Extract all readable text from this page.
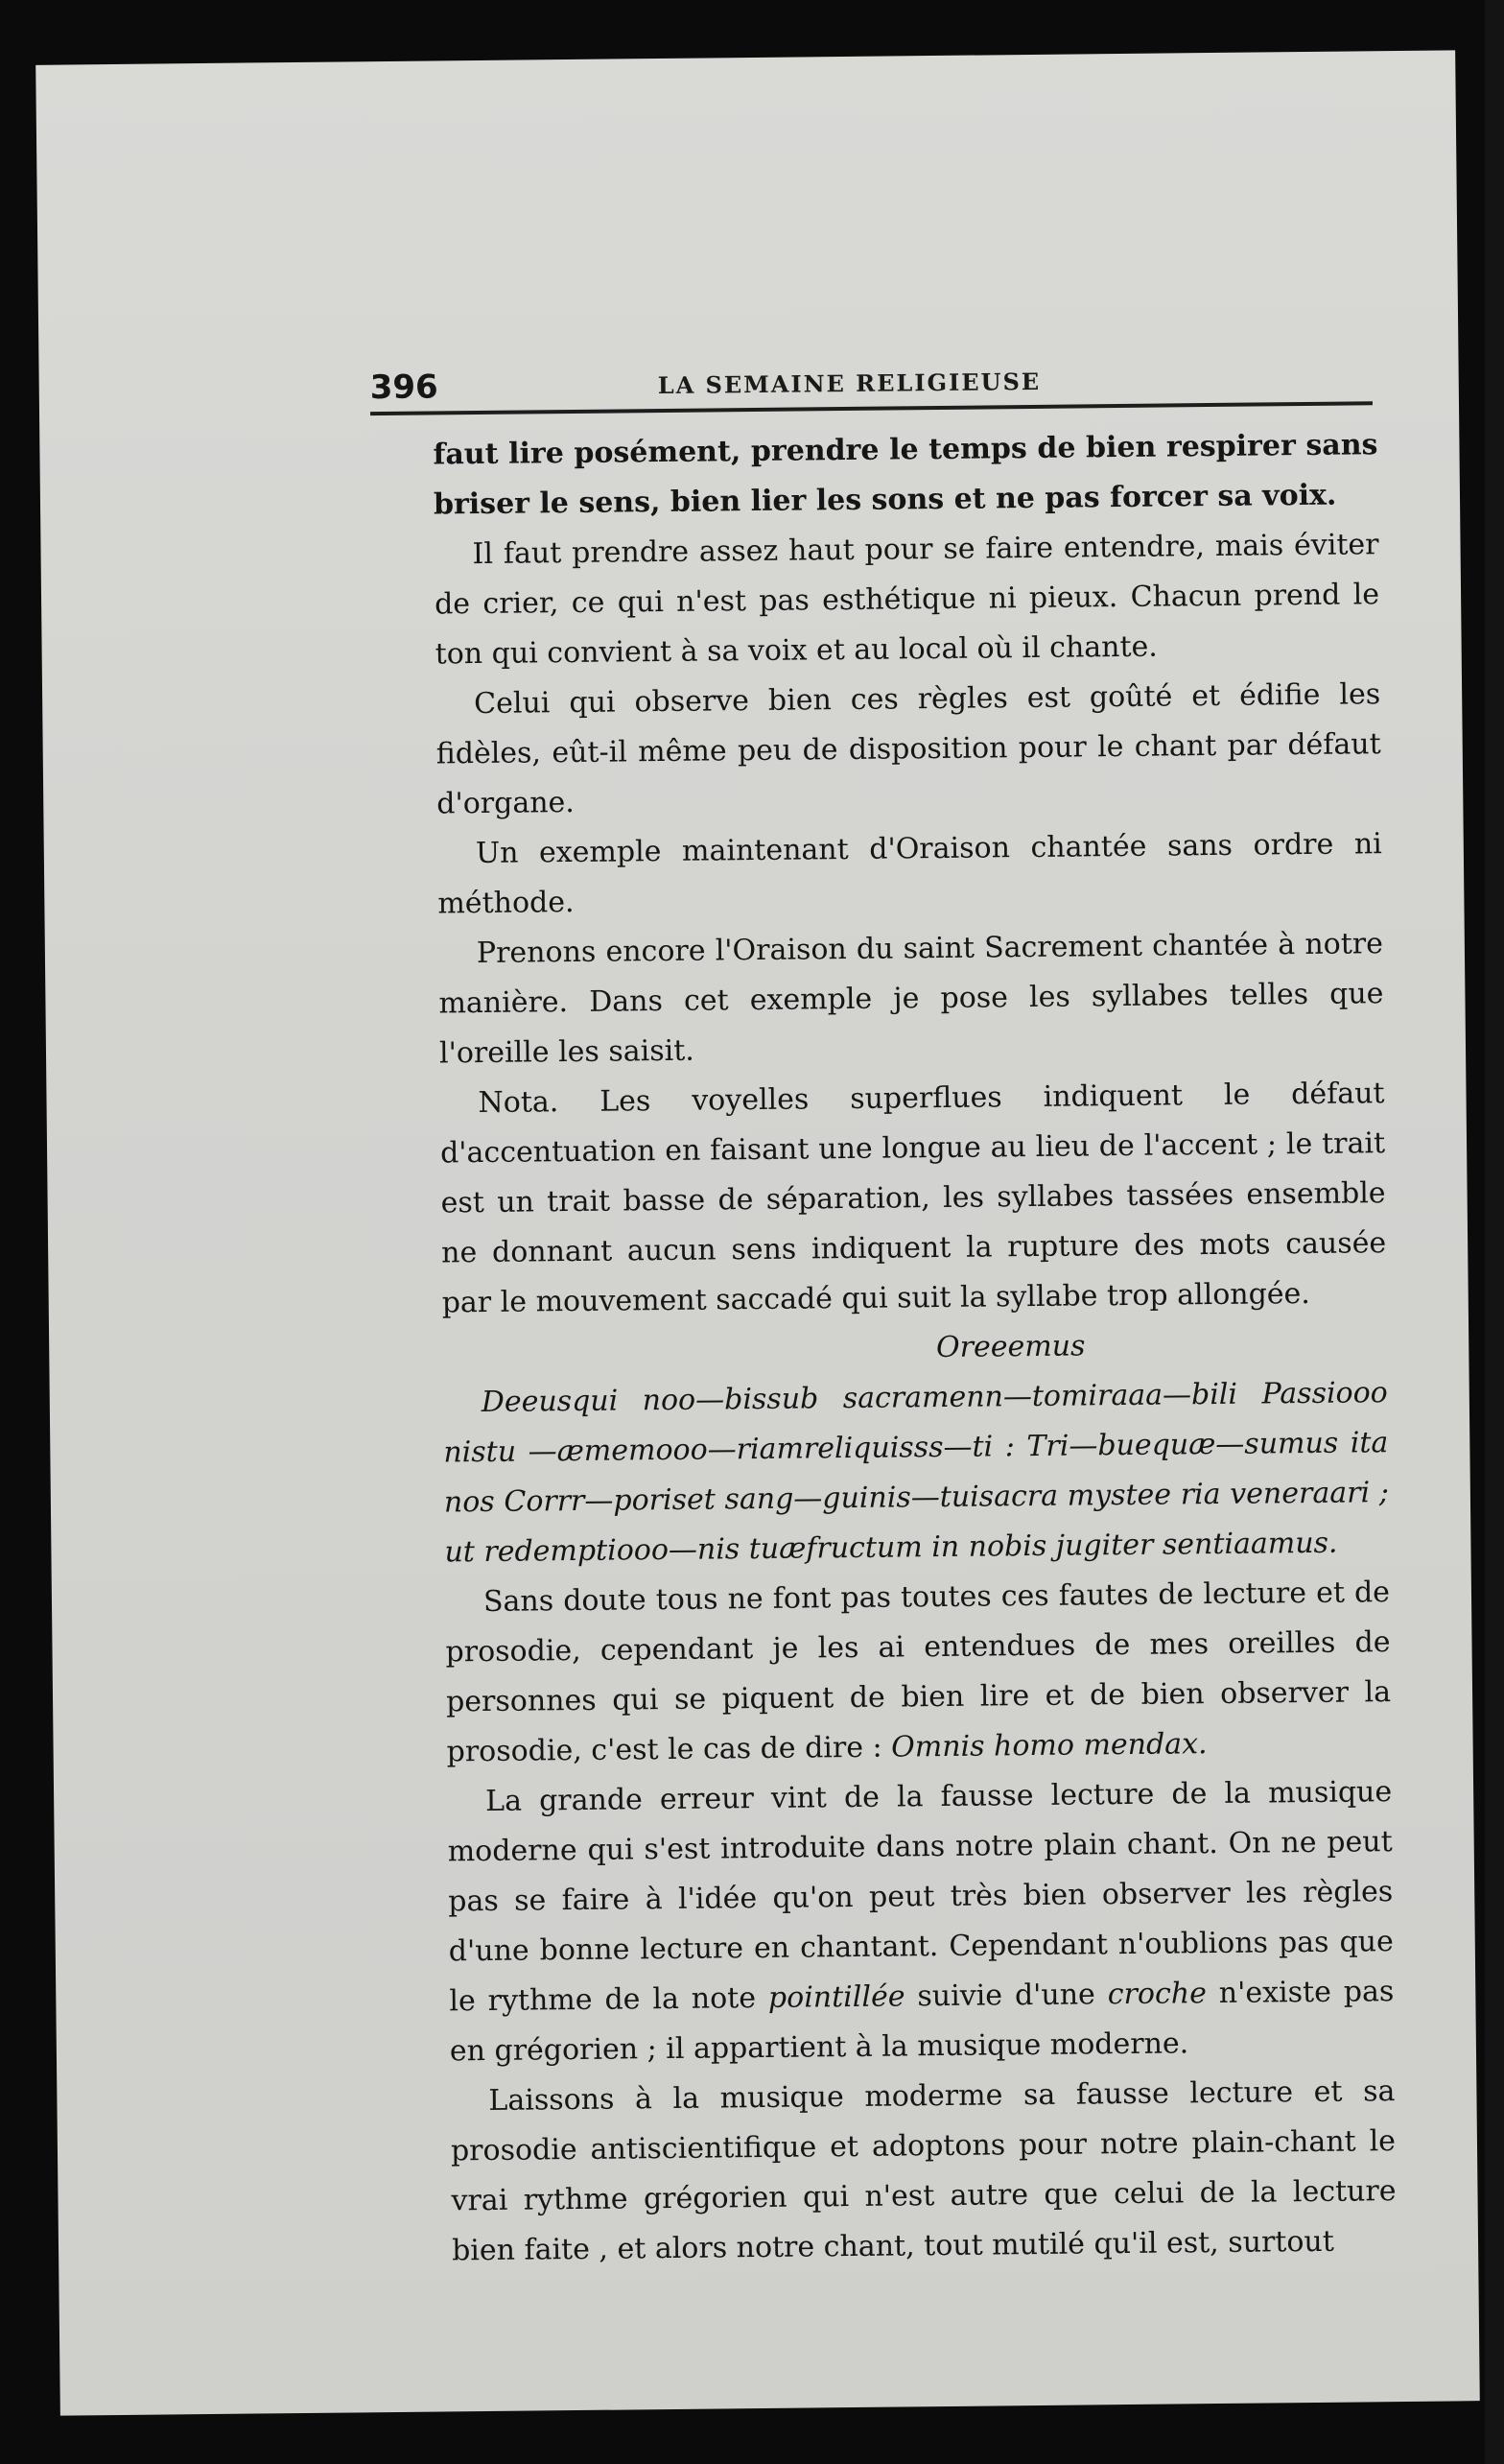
396	LA SEMAINE RELIGIEUSE

faut lire posément, prendre le temps de bien respirer sans briser le sens, bien lier les sons et ne pas forcer sa voix.

Il faut prendre assez haut pour se faire entendre, mais éviter de crier, ce qui n'est pas esthétique ni pieux. Chacun prend le ton qui convient à sa voix et au local où il chante.

Celui qui observe bien ces règles est goûté et édifie les fidèles, eût-il même peu de disposition pour le chant par défaut d'organe.

Un exemple maintenant d'Oraison chantée sans ordre ni méthode.

Prenons encore l'Oraison du saint Sacrement chantée à notre manière. Dans cet exemple je pose les syllabes telles que l'oreille les saisit.

Nota. Les voyelles superflues indiquent le défaut d'accentuation en faisant une longue au lieu de l'accent ; le trait est un trait basse de séparation, les syllabes tassées ensemble ne donnant aucun sens indiquent la rupture des mots causée par le mouvement saccadé qui suit la syllabe trop allongée.

Oreeemus

Deeusqui noo—bissub sacramenn—tomiraaa—bili Passiooo nistu —æmemooo—riamreliquisss—ti : Tri—buequæ—sumus ita nos Corrr—poriset sang—guinis—tuisacra mystee ria veneraari ; ut redemptiooo—nis tuæfructum in nobis jugiter sentiaamus.

Sans doute tous ne font pas toutes ces fautes de lecture et de prosodie, cependant je les ai entendues de mes oreilles de personnes qui se piquent de bien lire et de bien observer la prosodie, c'est le cas de dire : Omnis homo mendax.

La grande erreur vint de la fausse lecture de la musique moderne qui s'est introduite dans notre plain chant. On ne peut pas se faire à l'idée qu'on peut très bien observer les règles d'une bonne lecture en chantant. Cependant n'oublions pas que le rythme de la note pointillée suivie d'une croche n'existe pas en grégorien ; il appartient à la musique moderne.

Laissons à la musique moderme sa fausse lecture et sa prosodie antiscientifique et adoptons pour notre plain-chant le vrai rythme grégorien qui n'est autre que celui de la lecture bien faite , et alors notre chant, tout mutilé qu'il est, surtout
